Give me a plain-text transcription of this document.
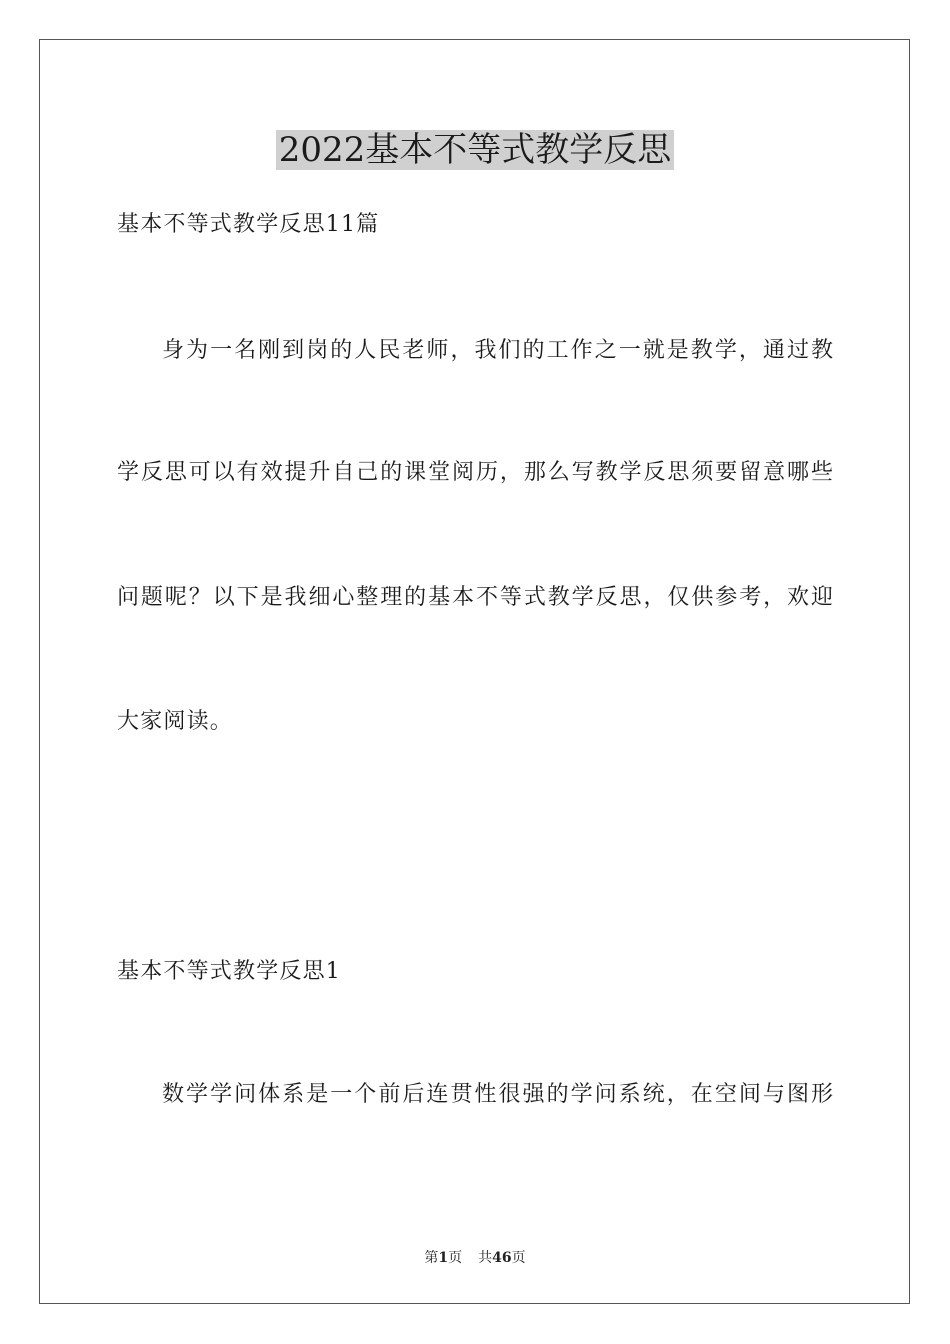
2022基本不等式教学反思

基本不等式教学反思11篇

身为一名刚到岗的人民老师，我们的工作之一就是教学，通过教

学反思可以有效提升自己的课堂阅历，那么写教学反思须要留意哪些

问题呢？以下是我细心整理的基本不等式教学反思，仅供参考，欢迎

大家阅读。

基本不等式教学反思1

数学学问体系是一个前后连贯性很强的学问系统，在空间与图形

第1页 共46页
